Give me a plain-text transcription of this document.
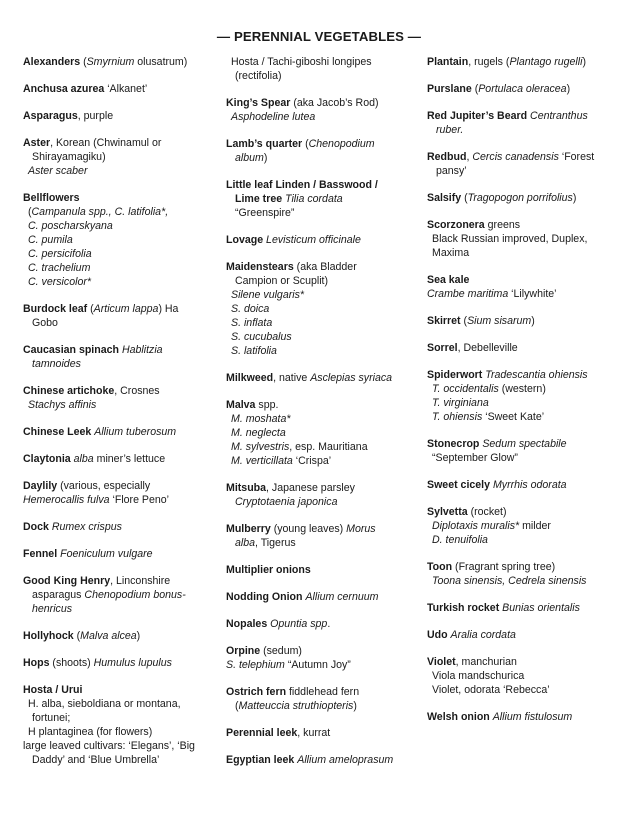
— PERENNIAL VEGETABLES —
Alexanders (Smyrnium olusatrum)
Anchusa azurea ‘Alkanet’
Asparagus, purple
Aster, Korean (Chwinamul or
Shirayamagiku)
Aster scaber
Bellflowers
(Campanula spp., C. latifolia*,
C. poscharskyana
C. pumila
C. persicifolia
C. trachelium
C. versicolor*
Burdock leaf (Articum lappa) Ha
Gobo
Caucasian spinach Hablitzia
tamnoides
Chinese artichoke, Crosnes
Stachys affinis
Chinese Leek Allium tuberosum
Claytonia alba miner’s lettuce
Daylily (various, especially
Hemerocallis fulva ‘Flore Peno’
Dock Rumex crispus
Fennel Foeniculum vulgare
Good King Henry, Linconshire
asparagus Chenopodium bonus-
henricus
Hollyhock (Malva alcea)
Hops (shoots) Humulus lupulus
Hosta / Urui
H. alba, sieboldiana or montana,
fortunei;
H plantaginea (for flowers)
large leaved cultivars: ‘Elegans’, ‘Big
Daddy’ and ‘Blue Umbrella’
Hosta / Tachi-giboshi longipes
(rectifolia)
King’s Spear (aka Jacob’s Rod)
Asphodeline lutea
Lamb’s quarter (Chenopodium
album)
Little leaf Linden / Basswood /
Lime tree Tilia cordata
“Greenspire”
Lovage Levisticum officinale
Maidenstears (aka Bladder
Campion or Scuplit)
Silene vulgaris*
S. doica
S. inflata
S. cucubalus
S. latifolia
Milkweed, native Asclepias syriaca
Malva spp.
M. moshata*
M. neglecta
M. sylvestris, esp. Mauritiana
M. verticillata ‘Crispa’
Mitsuba, Japanese parsley
Cryptotaenia japonica
Mulberry (young leaves) Morus
alba, Tigerus
Multiplier onions
Nodding Onion Allium cernuum
Nopales Opuntia spp.
Orpine (sedum)
S. telephium “Autumn Joy”
Ostrich fern fiddlehead fern
(Matteuccia struthiopteris)
Perennial leek, kurrat
Egyptian leek Allium ameloprasum
Plantain, rugels (Plantago rugelli)
Purslane (Portulaca oleracea)
Red Jupiter’s Beard Centranthus
ruber.
Redbud, Cercis canadensis ‘Forest
pansy’
Salsify (Tragopogon porrifolius)
Scorzonera greens
Black Russian improved, Duplex,
Maxima
Sea kale
Crambe maritima ‘Lilywhite’
Skirret (Sium sisarum)
Sorrel, Debelleville
Spiderwort Tradescantia ohiensis
T. occidentalis (western)
T. virginiana
T. ohiensis ‘Sweet Kate’
Stonecrop Sedum spectabile
“September Glow”
Sweet cicely Myrrhis odorata
Sylvetta (rocket)
Diplotaxis muralis* milder
D. tenuifolia
Toon (Fragrant spring tree)
Toona sinensis, Cedrela sinensis
Turkish rocket Bunias orientalis
Udo Aralia cordata
Violet, manchurian
Viola mandschurica
Violet, odorata ‘Rebecca’
Welsh onion Allium fistulosum
